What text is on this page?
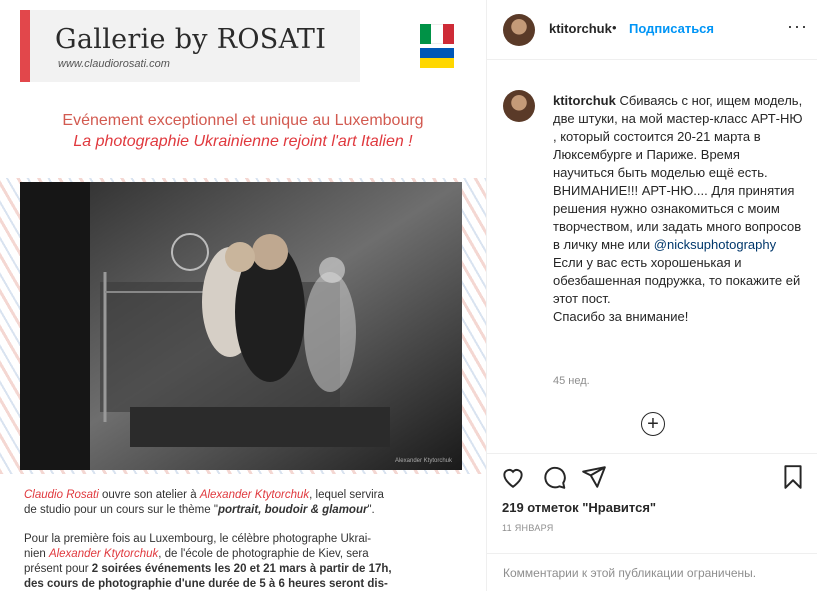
Gallerie by ROSATI
www.claudiorosati.com
Evénement exceptionnel et unique au Luxembourg
La photographie Ukrainienne rejoint l'art Italien !
Alexander Ktytorchuk
Claudio Rosati ouvre son atelier à Alexander Ktytorchuk, lequel servira
de studio pour un cours sur le thème "portrait, boudoir & glamour".
Pour la première fois au Luxembourg, le célèbre photographe Ukrai-
nien Alexander Ktytorchuk, de l'école de photographie de Kiev, sera
présent pour 2 soirées événements les 20 et 21 mars à partir de 17h,
des cours de photographie d'une durée de 5 à 6 heures seront dis-
ktitorchuk • Подписаться	···
ktitorchuk Сбиваясь с ног, ищем модель, две штуки, на мой мастер-класс АРТ-НЮ , который состоится 20-21 марта в Люксембурге и Париже. Время научиться быть моделью ещё есть.
ВНИМАНИЕ!!! АРТ-НЮ.... Для принятия решения нужно ознакомиться с моим творчеством, или задать много вопросов в личку мне или @nicksuphotography Если у вас есть хорошенькая и обезбашенная подружка, то покажите ей этот пост.
Спасибо за внимание!
45 нед.
+
219 отметок "Нравится"
11 ЯНВАРЯ
Комментарии к этой публикации ограничены.
